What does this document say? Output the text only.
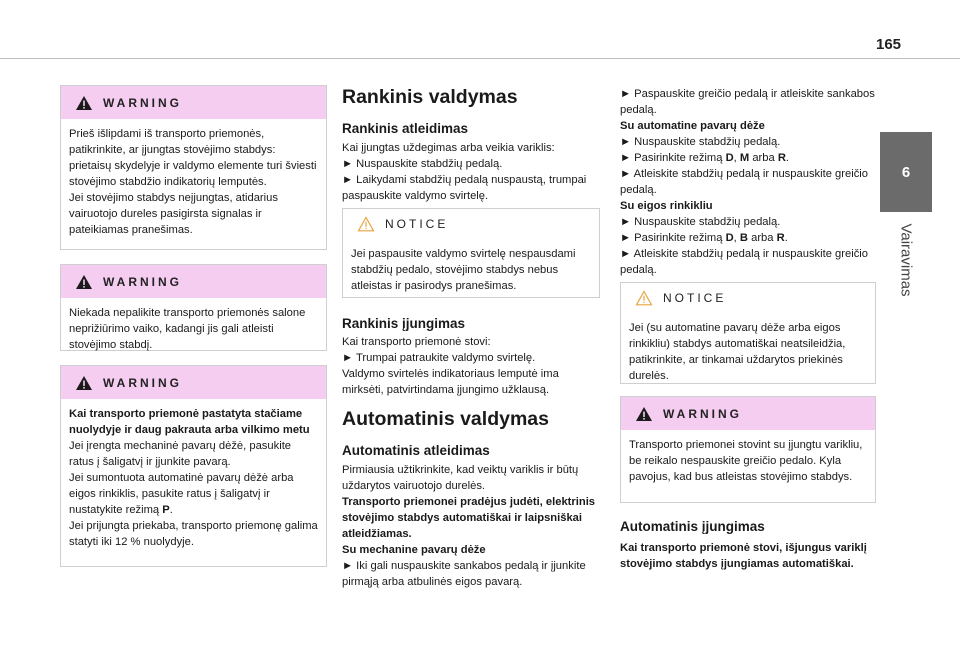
165
6
Vairavimas
WARNING
Prieš išlipdami iš transporto priemonės, patikrinkite, ar įjungtas stovėjimo stabdys: prietaisų skydelyje ir valdymo elemente turi šviesti stovėjimo stabdžio indikatorių lemputės.
Jei stovėjimo stabdys neįjungtas, atidarius vairuotojo dureles pasigirsta signalas ir pateikiamas pranešimas.
WARNING
Niekada nepalikite transporto priemonės salone neprižiūrimo vaiko, kadangi jis gali atleisti stovėjimo stabdį.
WARNING
Kai transporto priemonė pastatyta stačiame nuolydyje ir daug pakrauta arba vilkimo metu
Jei įrengta mechaninė pavarų dėžė, pasukite ratus į šaligatvį ir įjunkite pavarą.
Jei sumontuota automatinė pavarų dėžė arba eigos rinkiklis, pasukite ratus į šaligatvį ir nustatykite režimą P.
Jei prijungta priekaba, transporto priemonę galima statyti iki 12 % nuolydyje.
Rankinis valdymas
Rankinis atleidimas

Kai įjungtas uždegimas arba veikia variklis:

► Nuspauskite stabdžių pedalą.

► Laikydami stabdžių pedalą nuspaustą, trumpai paspauskite valdymo svirtelę.

NOTICE
Jei paspausite valdymo svirtelę nespausdami stabdžių pedalo, stovėjimo stabdys nebus atleistas ir pasirodys pranešimas.
Rankinis įjungimas

Kai transporto priemonė stovi:

► Trumpai patraukite valdymo svirtelę.

Valdymo svirtelės indikatoriaus lemputė ima mirksėti, patvirtindama įjungimo užklausą.

Automatinis valdymas
Automatinis atleidimas

Pirmiausia užtikrinkite, kad veiktų variklis ir būtų uždarytos vairuotojo durelės.

Transporto priemonei pradėjus judėti, elektrinis stovėjimo stabdys automatiškai ir laipsniškai atleidžiamas.

Su mechanine pavarų dėže

► Iki gali nuspauskite sankabos pedalą ir įjunkite pirmąją arba atbulinės eigos pavarą.

► Paspauskite greičio pedalą ir atleiskite sankabos pedalą.

Su automatine pavarų dėže

► Nuspauskite stabdžių pedalą.

► Pasirinkite režimą D, M arba R.

► Atleiskite stabdžių pedalą ir nuspauskite greičio pedalą.

Su eigos rinkikliu

► Nuspauskite stabdžių pedalą.

► Pasirinkite režimą D, B arba R.

► Atleiskite stabdžių pedalą ir nuspauskite greičio pedalą.

NOTICE
Jei (su automatine pavarų dėže arba eigos rinkikliu) stabdys automatiškai neatsileidžia, patikrinkite, ar tinkamai uždarytos priekinės durelės.
WARNING
Transporto priemonei stovint su įjungtu varikliu, be reikalo nespauskite greičio pedalo. Kyla pavojus, kad bus atleistas stovėjimo stabdys.
Automatinis įjungimas
Kai transporto priemonė stovi, išjungus variklį stovėjimo stabdys įjungiamas automatiškai.
